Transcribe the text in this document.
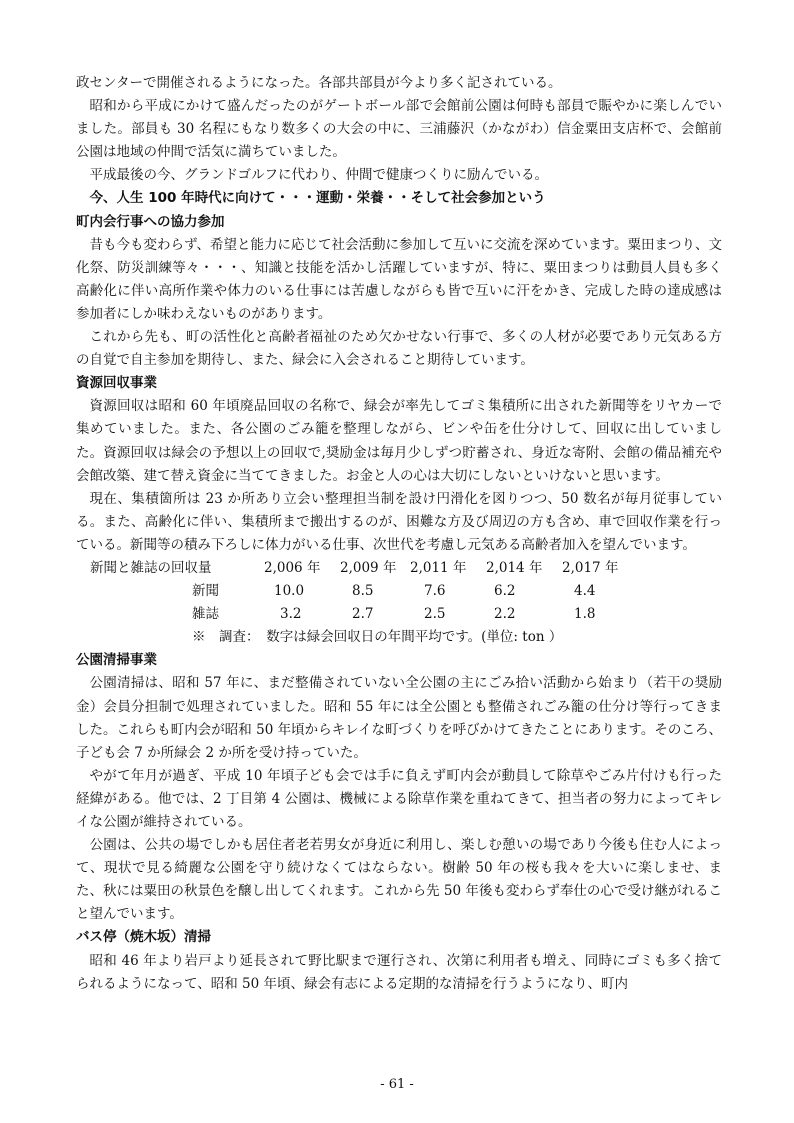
政センターで開催されるようになった。各部共部員が今より多く記されている。

昭和から平成にかけて盛んだったのがゲートボール部で会館前公園は何時も部員で賑やかに楽しんでいました。部員も 30 名程にもなり数多くの大会の中に、三浦藤沢（かながわ）信金粟田支店杯で、会館前公園は地域の仲間で活気に満ちていました。

平成最後の今、グランドゴルフに代わり、仲間で健康つくりに励んでいる。

今、人生 100 年時代に向けて・・・運動・栄養・・そして社会参加という

町内会行事への協力参加

昔も今も変わらず、希望と能力に応じて社会活動に参加して互いに交流を深めています。粟田まつり、文化祭、防災訓練等々・・・、知識と技能を活かし活躍していますが、特に、粟田まつりは動員人員も多く高齢化に伴い高所作業や体力のいる仕事には苦慮しながらも皆で互いに汗をかき、完成した時の達成感は参加者にしか味わえないものがあります。

これから先も、町の活性化と高齢者福祉のため欠かせない行事で、多くの人材が必要であり元気ある方の自覚で自主参加を期待し、また、緑会に入会されること期待しています。

資源回収事業

資源回収は昭和 60 年頃廃品回収の名称で、緑会が率先してゴミ集積所に出された新聞等をリヤカーで集めていました。また、各公園のごみ籠を整理しながら、ビンや缶を仕分けして、回収に出していました。資源回収は緑会の予想以上の回収で,奨励金は毎月少しずつ貯蓄され、身近な寄附、会館の備品補充や会館改築、建て替え資金に当ててきました。お金と人の心は大切にしないといけないと思います。

現在、集積箇所は 23 か所あり立会い整理担当制を設け円滑化を図りつつ、50 数名が毎月従事している。また、高齢化に伴い、集積所まで搬出するのが、困難な方及び周辺の方も含め、車で回収作業を行っている。新聞等の積み下ろしに体力がいる仕事、次世代を考慮し元気ある高齢者加入を望んでいます。

新聞と雑誌の回収量	2,006 年 2,009 年 2,011 年 2,014 年 2,017 年
新聞	10.0	8.5	7.6	6.2	4.4
雑誌	3.2	2.7	2.5	2.2	1.8

※　調査：　数字は緑会回収日の年間平均です。(単位: ton ）

公園清掃事業

公園清掃は、昭和 57 年に、まだ整備されていない全公園の主にごみ拾い活動から始まり（若干の奨励金）会員分担制で処理されていました。昭和 55 年には全公園とも整備されごみ籠の仕分け等行ってきました。これらも町内会が昭和 50 年頃からキレイな町づくりを呼びかけてきたことにあります。そのころ、子ども会 7 か所緑会 2 か所を受け持っていた。

やがて年月が過ぎ、平成 10 年頃子ども会では手に負えず町内会が動員して除草やごみ片付けも行った経緯がある。他では、2 丁目第 4 公園は、機械による除草作業を重ねてきて、担当者の努力によってキレイな公園が維持されている。

公園は、公共の場でしかも居住者老若男女が身近に利用し、楽しむ憩いの場であり今後も住む人によって、現状で見る綺麗な公園を守り続けなくてはならない。樹齢 50 年の桜も我々を大いに楽しませ、また、秋には粟田の秋景色を醸し出してくれます。これから先 50 年後も変わらず奉仕の心で受け継がれること望んでいます。

バス停（焼木坂）清掃

昭和 46 年より岩戸より延長されて野比駅まで運行され、次第に利用者も増え、同時にゴミも多く捨てられるようになって、昭和 50 年頃、緑会有志による定期的な清掃を行うようになり、町内

- 61 -
